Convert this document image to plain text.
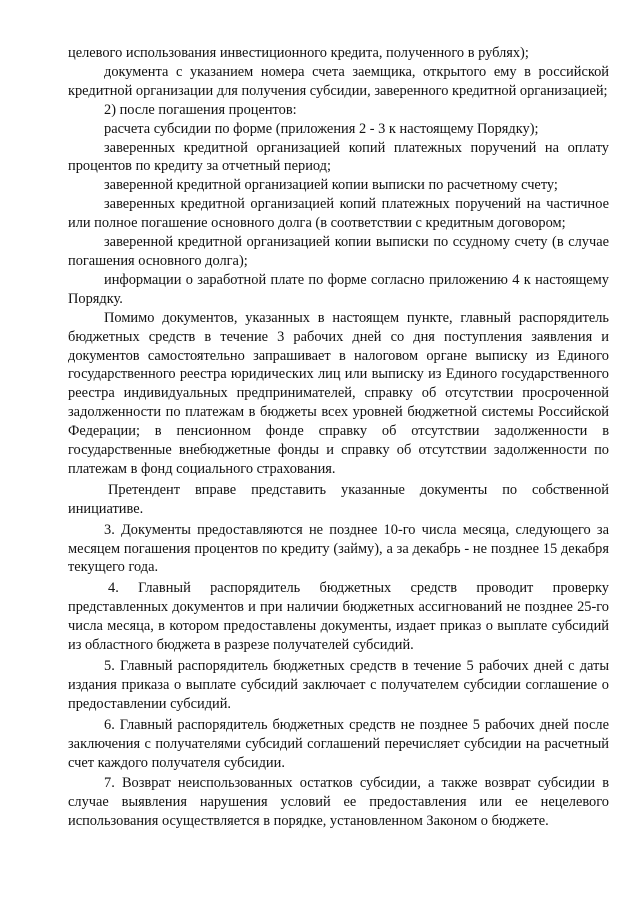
целевого использования инвестиционного кредита, полученного в рублях);

документа с указанием номера счета заемщика, открытого ему в российской кредитной организации для получения субсидии, заверенного кредитной организацией;

2) после погашения процентов:

расчета субсидии по форме (приложения 2 - 3 к настоящему Порядку);

заверенных кредитной организацией копий платежных поручений на оплату процентов по кредиту за отчетный период;

заверенной кредитной организацией копии выписки по расчетному счету;

заверенных кредитной организацией копий платежных поручений на частичное или полное погашение основного долга (в соответствии с кредитным договором;

заверенной кредитной организацией копии выписки по ссудному счету (в случае погашения основного долга);

информации о заработной плате по форме согласно приложению 4 к настоящему Порядку.

Помимо документов, указанных в настоящем пункте, главный распорядитель бюджетных средств в течение 3 рабочих дней со дня поступления заявления и документов самостоятельно запрашивает в налоговом органе выписку из Единого государственного реестра юридических лиц или выписку из Единого государственного реестра индивидуальных предпринимателей, справку об отсутствии просроченной задолженности по платежам в бюджеты всех уровней бюджетной системы Российской Федерации; в пенсионном фонде справку об отсутствии задолженности в государственные внебюджетные фонды и справку об отсутствии задолженности по платежам в фонд социального страхования.

Претендент вправе представить указанные документы по собственной инициативе.

3. Документы предоставляются не позднее 10-го числа месяца, следующего за месяцем погашения процентов по кредиту (займу), а за декабрь - не позднее 15 декабря текущего года.

4. Главный распорядитель бюджетных средств проводит проверку представленных документов и при наличии бюджетных ассигнований не позднее 25-го числа месяца, в котором предоставлены документы, издает приказ о выплате субсидий из областного бюджета в разрезе получателей субсидий.

5. Главный распорядитель бюджетных средств в течение 5 рабочих дней с даты издания приказа о выплате субсидий заключает с получателем субсидии соглашение о предоставлении субсидий.

6. Главный распорядитель бюджетных средств не позднее 5 рабочих дней после заключения с получателями субсидий соглашений перечисляет субсидии на расчетный счет каждого получателя субсидии.

7. Возврат неиспользованных остатков субсидии, а также возврат субсидии в случае выявления нарушения условий ее предоставления или ее нецелевого использования осуществляется в порядке, установленном Законом о бюджете.
